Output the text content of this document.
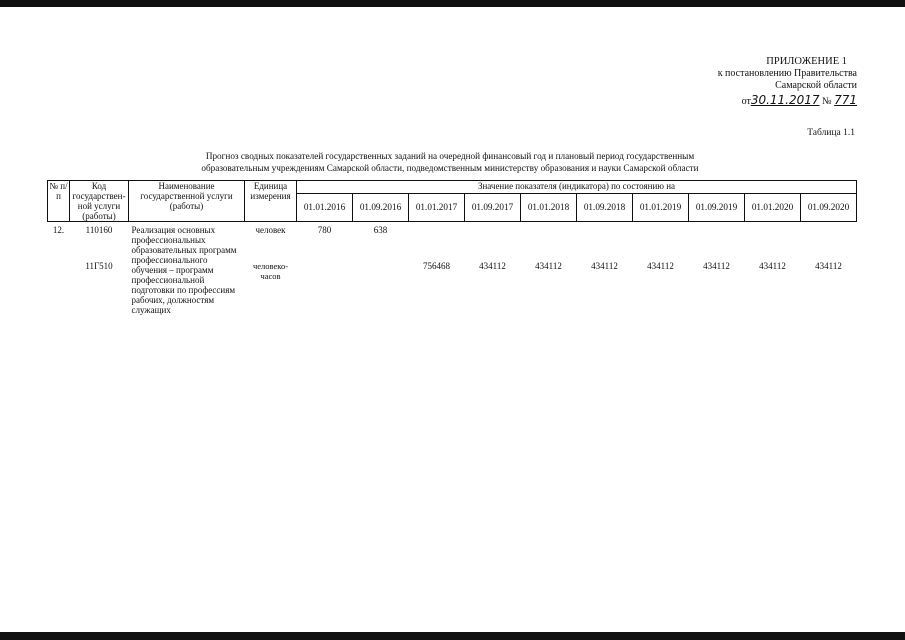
ПРИЛОЖЕНИЕ 1
к постановлению Правительства
Самарской области
от30.11.2017 № 771
Таблица 1.1
Прогноз сводных показателей государственных заданий на очередной финансовый год и плановый период государственным
образовательным учреждениям Самарской области, подведомственным министерству образования и науки Самарской области
№ п/п	Код государствен-ной услуги (работы)	Наименование государственной услуги (работы)	Единица измерения	Значение показателя (индикатора) по состоянию на									
				01.01.2016	01.09.2016	01.01.2017	01.09.2017	01.01.2018	01.09.2018	01.01.2019	01.09.2019	01.01.2020	01.09.2020
12.	110160	Реализация основных профессиональных образовательных программ профессионального обучения – программ профессиональной подготовки по профессиям рабочих, должностям служащих	человек	780	638								
	11Г510		человеко-часов			756468	434112	434112	434112	434112	434112	434112	434112
